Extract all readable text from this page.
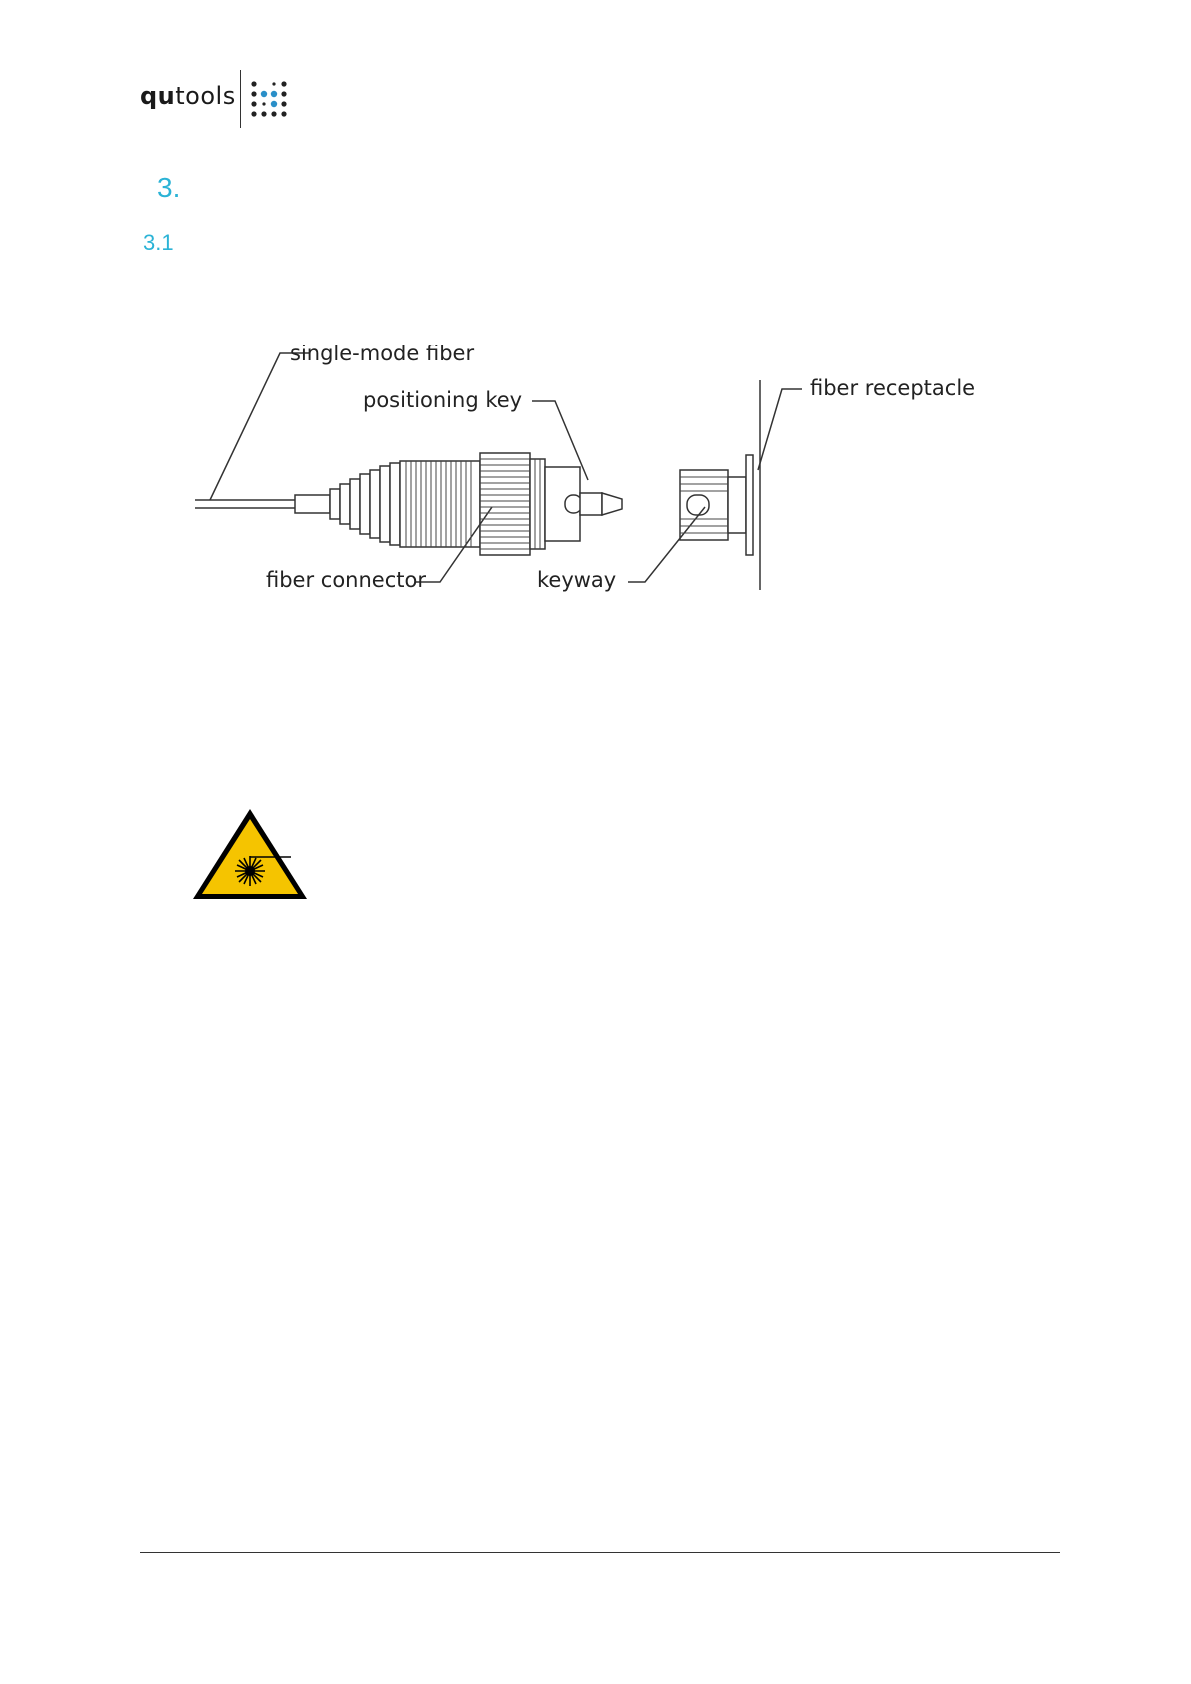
qutools
3.
3.1
single-mode fiber
positioning key	fiber receptacle
fiber connector	keyway
